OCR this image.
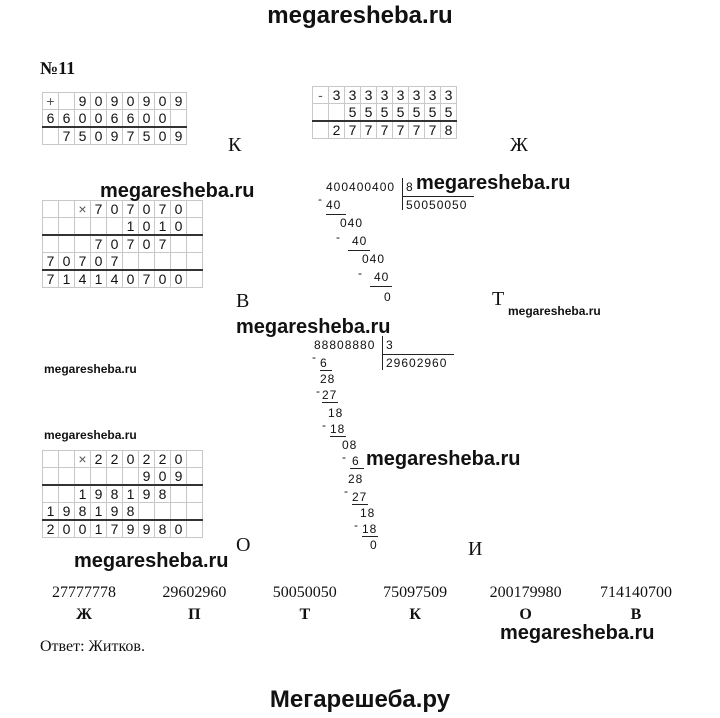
megaresheba.ru
№11
+		9	0	9	0	9	0	9
6	6	0	0	6	6	0	0	
	7	5	0	9	7	5	0	9 К
-	3	3	3	3	3	3	3	3
		5	5	5	5	5	5	5
	2	7	7	7	7	7	7	8
Ж
400400400 8
50050050
- 40
040
- 40
040
- 40
0	Т
		×	7	0	7	0	7	0	
					1	0	1	0	
			7	0	7	0	7		
7	0	7	0	7					
7	1	4	1	4	0	7	0	0	
В
88808880 3
29602960
- 6
28
- 27
18
- 18
08
- 6
28
- 27
18
- 18
0	И
		×	2	2	0	2	2	0	
						9	0	9	
		1	9	8	1	9	8		
1	9	8	1	9	8				
2	0	0	1	7	9	9	8	0	
О
megaresheba.ru	megaresheba.ru
megaresheba.ru
megaresheba.ru
megaresheba.ru
megaresheba.ru
megaresheba.ru
megaresheba.ru
megaresheba.ru
27777778	29602960	50050050	75097509	200179980	714140700
Ж	П	Т	К	О	В
Ответ: Житков.
Мегарешеба.ру
